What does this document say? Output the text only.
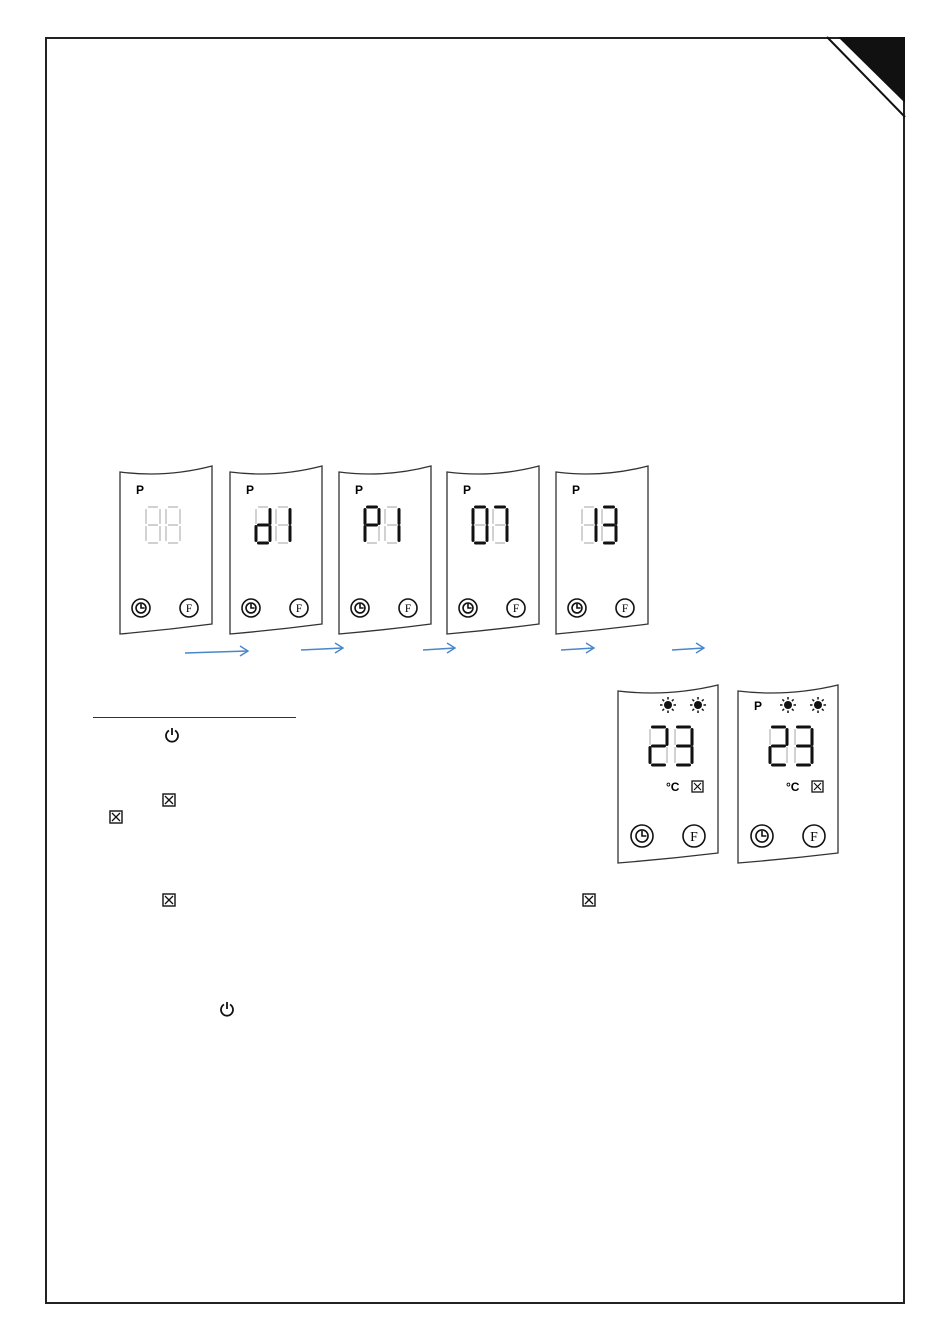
P
F
P
F
P
F
P
F
P
F
°C
F
P
°C
F
